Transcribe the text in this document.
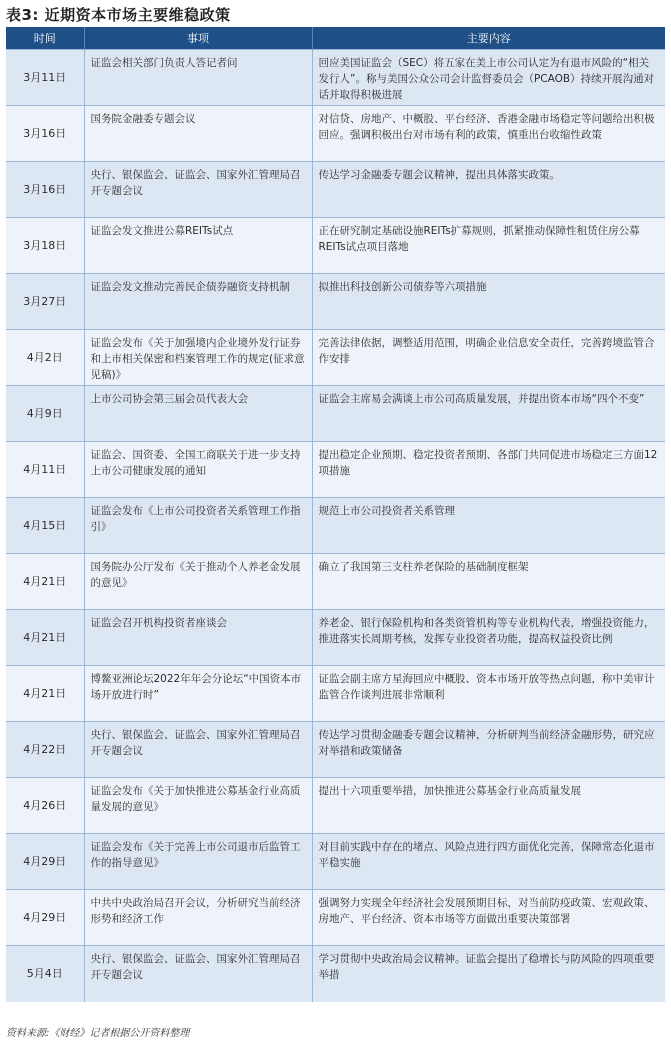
表3: 近期资本市场主要维稳政策
时间	事项	主要内容
3月11日	证监会相关部门负责人答记者问	回应美国证监会（SEC）将五家在美上市公司认定为有退市风险的“相关发行人”。称与美国公众公司会计监督委员会（PCAOB）持续开展沟通对话并取得积极进展
3月16日	国务院金融委专题会议	对信贷、房地产、中概股、平台经济、香港金融市场稳定等问题给出积极回应。强调积极出台对市场有利的政策，慎重出台收缩性政策
3月16日	央行、银保监会、证监会、国家外汇管理局召开专题会议	传达学习金融委专题会议精神，提出具体落实政策。
3月18日	证监会发文推进公募REITs试点	正在研究制定基础设施REITs扩募规则，抓紧推动保障性租赁住房公募REITs试点项目落地
3月27日	证监会发文推动完善民企债券融资支持机制	拟推出科技创新公司债券等六项措施
4月2日	证监会发布《关于加强境内企业境外发行证券和上市相关保密和档案管理工作的规定(征求意见稿)》	完善法律依据，调整适用范围，明确企业信息安全责任，完善跨境监管合作安排
4月9日	上市公司协会第三届会员代表大会	证监会主席易会满谈上市公司高质量发展，并提出资本市场“四个不变”
4月11日	证监会、国资委、全国工商联关于进一步支持上市公司健康发展的通知	提出稳定企业预期、稳定投资者预期、各部门共同促进市场稳定三方面12项措施
4月15日	证监会发布《上市公司投资者关系管理工作指引》	规范上市公司投资者关系管理
4月21日	国务院办公厅发布《关于推动个人养老金发展的意见》	确立了我国第三支柱养老保险的基础制度框架
4月21日	证监会召开机构投资者座谈会	养老金、银行保险机构和各类资管机构等专业机构代表，增强投资能力，推进落实长周期考核，发挥专业投资者功能，提高权益投资比例
4月21日	博鳌亚洲论坛2022年年会分论坛“中国资本市场开放进行时”	证监会副主席方星海回应中概股、资本市场开放等热点问题，称中美审计监管合作谈判进展非常顺利
4月22日	央行、银保监会、证监会、国家外汇管理局召开专题会议	传达学习贯彻金融委专题会议精神，分析研判当前经济金融形势，研究应对举措和政策储备
4月26日	证监会发布《关于加快推进公募基金行业高质量发展的意见》	提出十六项重要举措，加快推进公募基金行业高质量发展
4月29日	证监会发布《关于完善上市公司退市后监管工作的指导意见》	对目前实践中存在的堵点、风险点进行四方面优化完善，保障常态化退市平稳实施
4月29日	中共中央政治局召开会议，分析研究当前经济形势和经济工作	强调努力实现全年经济社会发展预期目标，对当前防疫政策、宏观政策、房地产、平台经济、资本市场等方面做出重要决策部署
5月4日	央行、银保监会、证监会、国家外汇管理局召开专题会议	学习贯彻中央政治局会议精神。证监会提出了稳增长与防风险的四项重要举措
资料来源:《财经》记者根据公开资料整理
